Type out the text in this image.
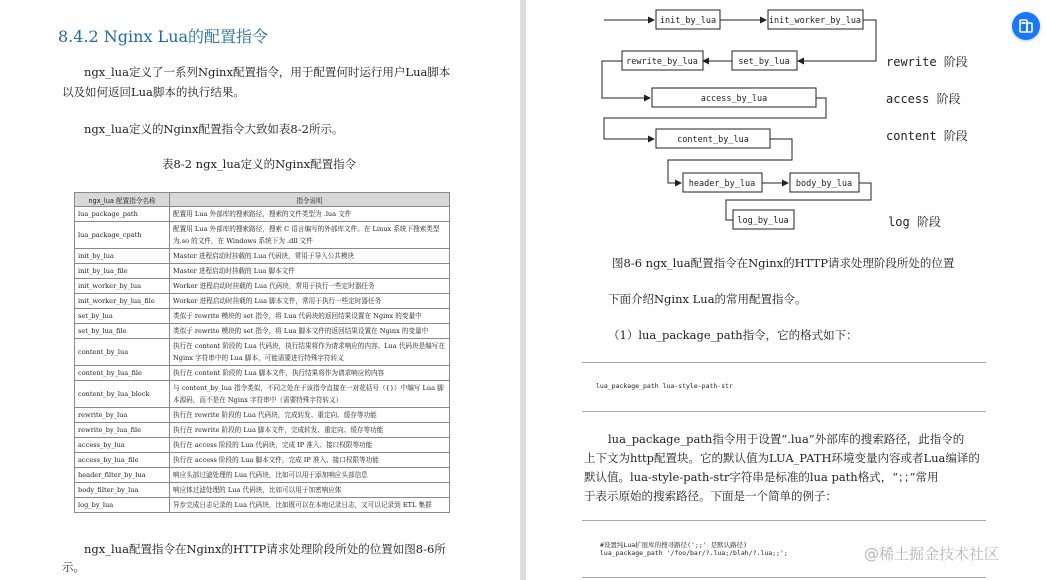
8.4.2 Nginx Lua的配置指令
ngx_lua定义了一系列Nginx配置指令，用于配置何时运行用户Lua脚本
以及如何返回Lua脚本的执行结果。
ngx_lua定义的Nginx配置指令大致如表8-2所示。
表8-2 ngx_lua定义的Nginx配置指令
ngx_lua 配置指令名称	指令说明
lua_package_path	配置用 Lua 外部库的搜索路径，搜索的文件类型为 .lua 文件
lua_package_cpath	配置用 Lua 外部库的搜索路径，搜索 C 语言编写的外部库文件。在 Linux 系统下搜索类型为.so 的文件，在 Windows 系统下为 .dll 文件
init_by_lua	Master 进程启动时挂载的 Lua 代码块，常用于导入公共模块
init_by_lua_file	Master 进程启动时挂载的 Lua 脚本文件
init_worker_by_lua	Worker 进程启动时挂载的 Lua 代码块，常用于执行一些定时器任务
init_worker_by_lua_file	Worker 进程启动时挂载的 Lua 脚本文件，常用于执行一些定时器任务
set_by_lua	类似于 rewrite 模块的 set 指令，将 Lua 代码块的返回结果设置在 Nginx 的变量中
set_by_lua_file	类似于 rewrite 模块的 set 指令，将 Lua 脚本文件的返回结果设置在 Nginx 的变量中
content_by_lua	执行在 content 阶段的 Lua 代码块，执行结果将作为请求响应的内容。Lua 代码块是编写在 Nginx 字符串中的 Lua 脚本，可能需要进行特殊字符转义
content_by_lua_file	执行在 content 阶段的 Lua 脚本文件，执行结果将作为请求响应的内容
content_by_lua_block	与 content_by_lua 指令类似，不同之处在于该指令直接在一对花括号（{}）中编写 Lua 脚本源码，而不是在 Nginx 字符串中（需要特殊字符转义）
rewrite_by_lua	执行在 rewrite 阶段的 Lua 代码块，完成转发、重定向、缓存等功能
rewrite_by_lua_file	执行在 rewrite 阶段的 Lua 脚本文件，完成转发、重定向、缓存等功能
access_by_lua	执行在 access 阶段的 Lua 代码块，完成 IP 准入、接口权限等功能
access_by_lua_file	执行在 access 阶段的 Lua 脚本文件，完成 IP 准入、接口权限等功能
header_filter_by_lua	响应头部过滤处理的 Lua 代码块，比如可以用于添加响应头部信息
body_filter_by_lua	响应体过滤处理的 Lua 代码块，比如可以用于加密响应体
log_by_lua	异步完成日志记录的 Lua 代码块，比如既可以在本地记录日志，又可以记录到 ETL 集群
ngx_lua配置指令在Nginx的HTTP请求处理阶段所处的位置如图8-6所
示。
init_by_lua	init_worker_by_lua
rewrite_by_lua	set_by_lua
access_by_lua
content_by_lua
header_by_lua	body_by_lua
log_by_lua
rewrite 阶段
access 阶段
content 阶段
log 阶段
图8-6 ngx_lua配置指令在Nginx的HTTP请求处理阶段所处的位置
下面介绍Nginx Lua的常用配置指令。
（1）lua_package_path指令，它的格式如下：
lua_package_path lua-style-path-str
lua_package_path指令用于设置“.lua”外部库的搜索路径，此指令的
上下文为http配置块。它的默认值为LUA_PATH环境变量内容或者Lua编译的
默认值。lua-style-path-str字符串是标准的lua path格式，“；；”常用
于表示原始的搜索路径。下面是一个简单的例子：
#设置纯Lua扩展库的搜寻路径(';;' 是默认路径)
lua_package_path '/foo/bar/?.lua;/blah/?.lua;;';	@稀土掘金技术社区
